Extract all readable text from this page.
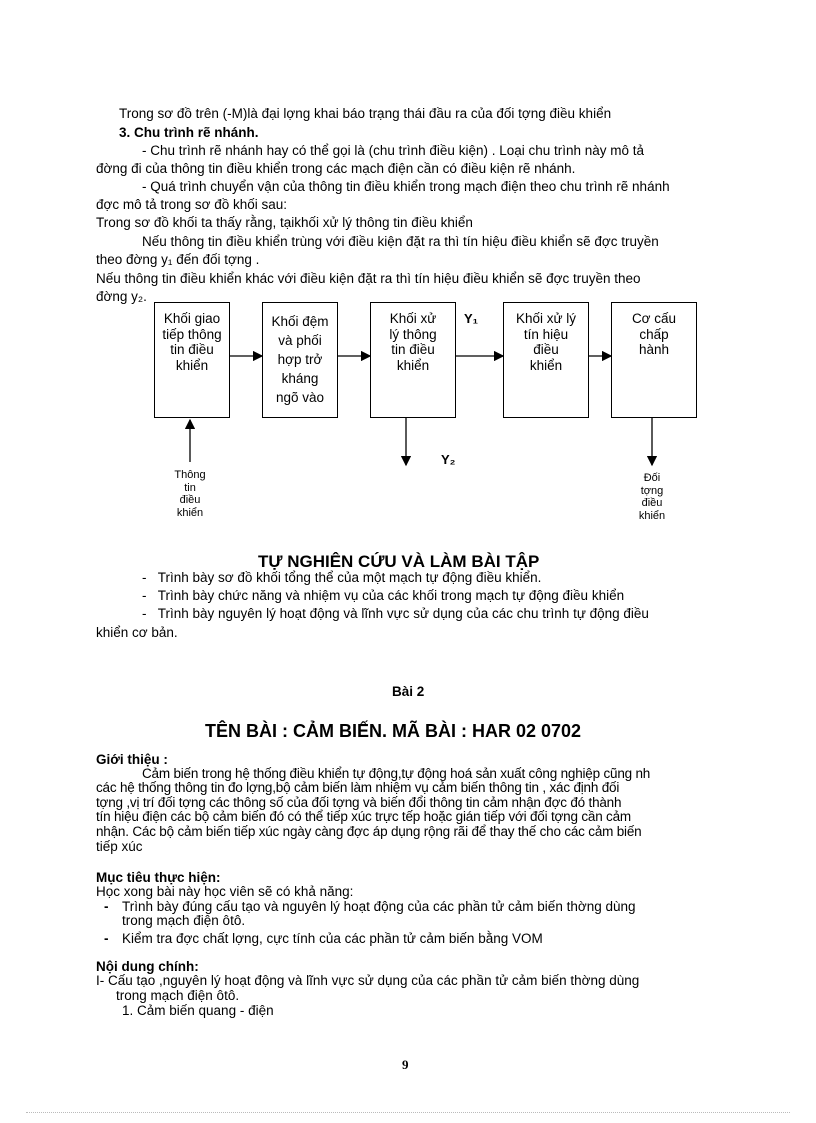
Trong sơ đồ trên (-M)là đại lợng khai báo trạng thái đầu ra của đối tợng điều khiển
3. Chu trình rẽ nhánh.
- Chu trình rẽ nhánh hay có thể gọi là (chu trình điều kiện) . Loại chu trình này mô tả
đờng đi của thông tin điều khiển trong các mạch điện cần có điều kiện rẽ nhánh.
- Quá trình chuyển vận của thông tin điều khiển trong mạch điện theo chu trình rẽ nhánh
đợc mô tả trong sơ đồ khối sau:
Trong sơ đồ khối ta thấy rằng, tạikhối xử lý thông tin điều khiển
Nếu thông tin điều khiển trùng với điều kiện đặt ra thì tín hiệu điều khiển sẽ đợc truyền
theo đờng y₁ đến đối tợng .
Nếu thông tin điều khiển khác với điều kiện đặt ra thì tín hiệu điều khiển sẽ đợc truyền theo
đờng y₂.
Khối giao
tiếp thông
tin điều
khiển
Khối đệm
và phối
hợp trở
kháng
ngõ vào
Khối xử
lý thông
tin điều
khiển
Khối xử lý
tín hiệu
điều
khiển
Cơ cấu
chấp
hành
Y₁
Y₂
Thông
tin
điều
khiển
Đối
tợng
điều
khiển
TỰ NGHIÊN CỨU VÀ LÀM BÀI TẬP
-   Trình bày sơ đồ khối tổng thể của một mạch tự động điều khiển.
-   Trình bày chức năng và nhiệm vụ của các khối trong mạch tự động điều khiển
-   Trình bày nguyên lý hoạt động và lĩnh vực sử dụng của các chu trình tự động điều
khiển cơ bản.
Bài 2
TÊN BÀI : CẢM BIẾN. MÃ BÀI : HAR 02 0702
Giới thiệu :
Cảm biến trong hệ thống điều khiển tự động,tự động hoá sản xuất công nghiệp cũng nh
các hệ thống thông tin đo lợng,bộ cảm biến làm nhiệm vụ cảm biến thông tin , xác định đối
tợng ,vị trí đối tợng các thông số của đối tợng và biến đổi thông tin cảm nhận đợc đó thành
tín hiệu điện các bộ cảm biến đó có thể tiếp xúc trực tếp hoặc gián tiếp với đối tợng cần cảm
nhận. Các bộ cảm biến tiếp xúc ngày càng đợc áp dụng rộng rãi để thay thế cho các cảm biến
tiếp xúc
Mục tiêu thực hiện:
Học xong bài này học viên sẽ có khả năng:
- Trình bày đúng cấu tạo và nguyên lý hoạt động của các phần tử cảm biến thờng dùng
trong mạch điện ôtô.
- Kiểm tra đợc chất lợng, cực tính của các phần tử cảm biến bằng VOM
Nội dung chính:
I- Cấu tạo ,nguyên lý hoạt động và lĩnh vực sử dụng của các phần tử cảm biến thờng dùng
trong mạch điện ôtô.
1. Cảm biến quang - điện
9
